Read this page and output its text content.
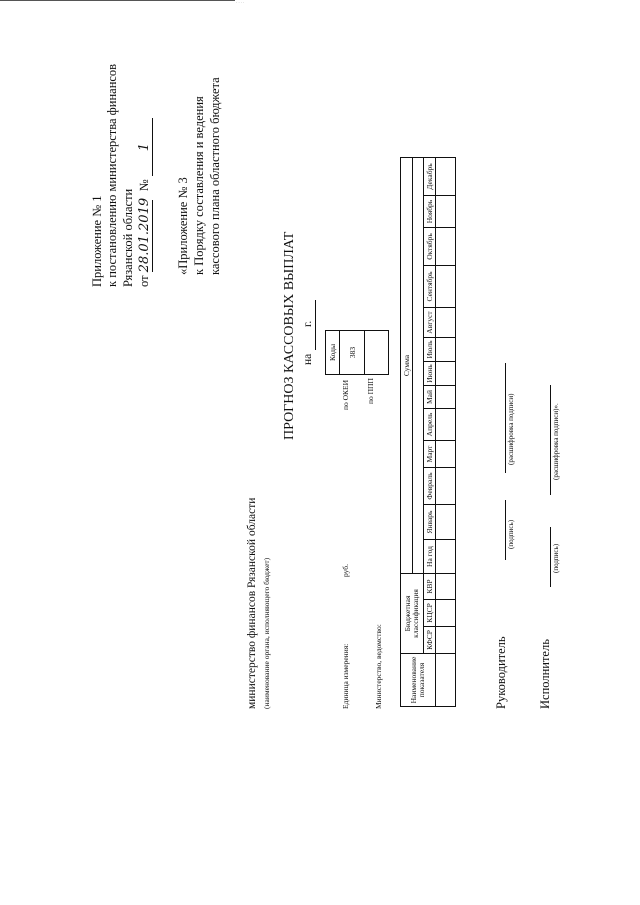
· · · ·
Приложение № 1 к постановлению министерства финансов Рязанской области от 28.01.2019 № 1
«Приложение № 3 к Порядку составления и ведения кассового плана областного бюджета
министерство финансов Рязанской области (наименование органа, исполняющего бюджет)
ПРОГНОЗ КАССОВЫХ ВЫПЛАТ на
г.
Коды
383

по ОКЕИ по ППП
Единица измерения:
руб.
Министерство, ведомство:	Наименование показателя	Бюджетная классификация			Сумма												

	КФСР	КЦСР	КВР	На год	Январь	Февраль	Март	Апрель	Май	Июнь	Июль	Август	Сентябрь	Октябрь	Ноябрь	Декабрь

Руководитель
(подпись)
(расшифровка подписи)
Исполнитель
(подпись)
(расшифровка подписи)».
